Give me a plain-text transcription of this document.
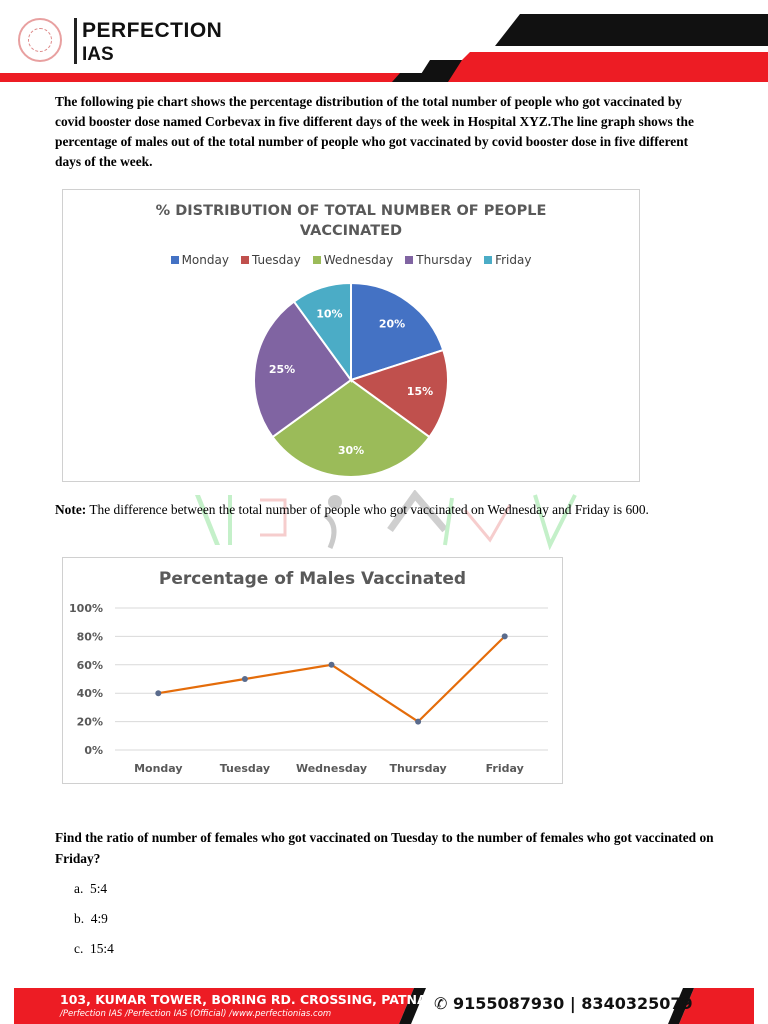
PERFECTION
IAS
The following pie chart shows the percentage distribution of the total number of people who got vaccinated by covid booster dose named Corbevax in five different days of the week in Hospital XYZ.The line graph shows the percentage of males out of the total number of people who got vaccinated by covid booster dose in five different days of the week.
% DISTRIBUTION OF TOTAL NUMBER OF PEOPLE
VACCINATED
Monday Tuesday Wednesday Thursday Friday
20%
15%
30%
25%
10%
Note: The difference between the total number of people who got vaccinated on Wednesday and Friday is 600.
Percentage of Males Vaccinated
0%
20%
40%
60%
80%
100%
Monday	Tuesday Wednesday Thursday	Friday
Find the ratio of number of females who got vaccinated on Tuesday to the number of females who got vaccinated on Friday?
a. 5:4
b. 4:9
c. 15:4
103, KUMAR TOWER, BORING RD. CROSSING, PATNA
/Perfection IAS /Perfection IAS (Official) /www.perfectionias.com
✆ 9155087930 | 8340325079
